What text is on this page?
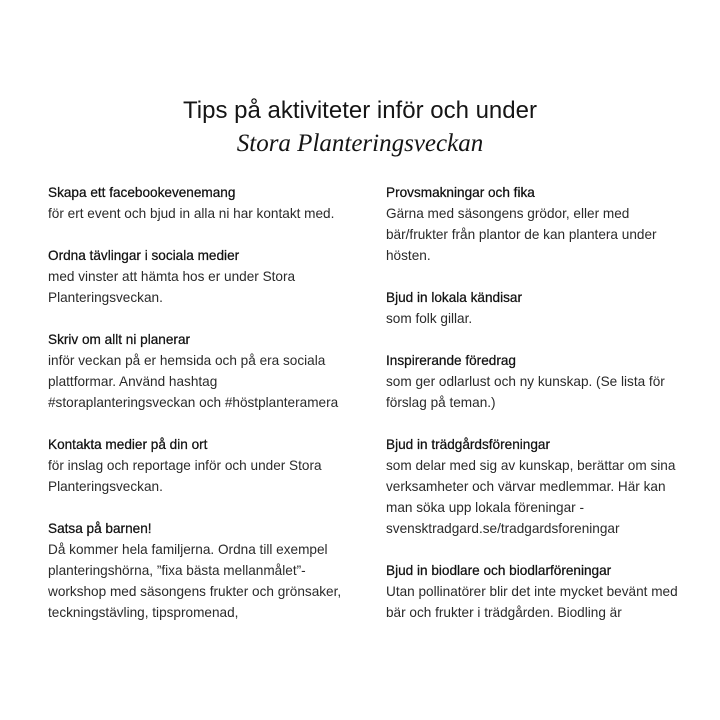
Tips på aktiviteter inför och under
Stora Planteringsveckan
Skapa ett facebookevenemang

för ert event och bjud in alla ni har kontakt med.

Ordna tävlingar i sociala medier

med vinster att hämta hos er under Stora Planteringsveckan.

Skriv om allt ni planerar

inför veckan på er hemsida och på era sociala plattformar. Använd hashtag #storaplanteringsveckan och #höstplanteramera

Kontakta medier på din ort

för inslag och reportage inför och under Stora Planteringsveckan.

Satsa på barnen!

Då kommer hela familjerna. Ordna till exempel planteringshörna, ”fixa bästa mellanmålet”-workshop med säsongens frukter och grönsaker, teckningstävling, tipspromenad,

Provsmakningar och fika

Gärna med säsongens grödor, eller med bär/frukter från plantor de kan plantera under hösten.

Bjud in lokala kändisar

som folk gillar.

Inspirerande föredrag

som ger odlarlust och ny kunskap. (Se lista för förslag på teman.)

Bjud in trädgårdsföreningar

som delar med sig av kunskap, berättar om sina verksamheter och värvar medlemmar. Här kan man söka upp lokala föreningar - svensktradgard.se/tradgardsforeningar

Bjud in biodlare och biodlarföreningar

Utan pollinatörer blir det inte mycket bevänt med bär och frukter i trädgården. Biodling är
